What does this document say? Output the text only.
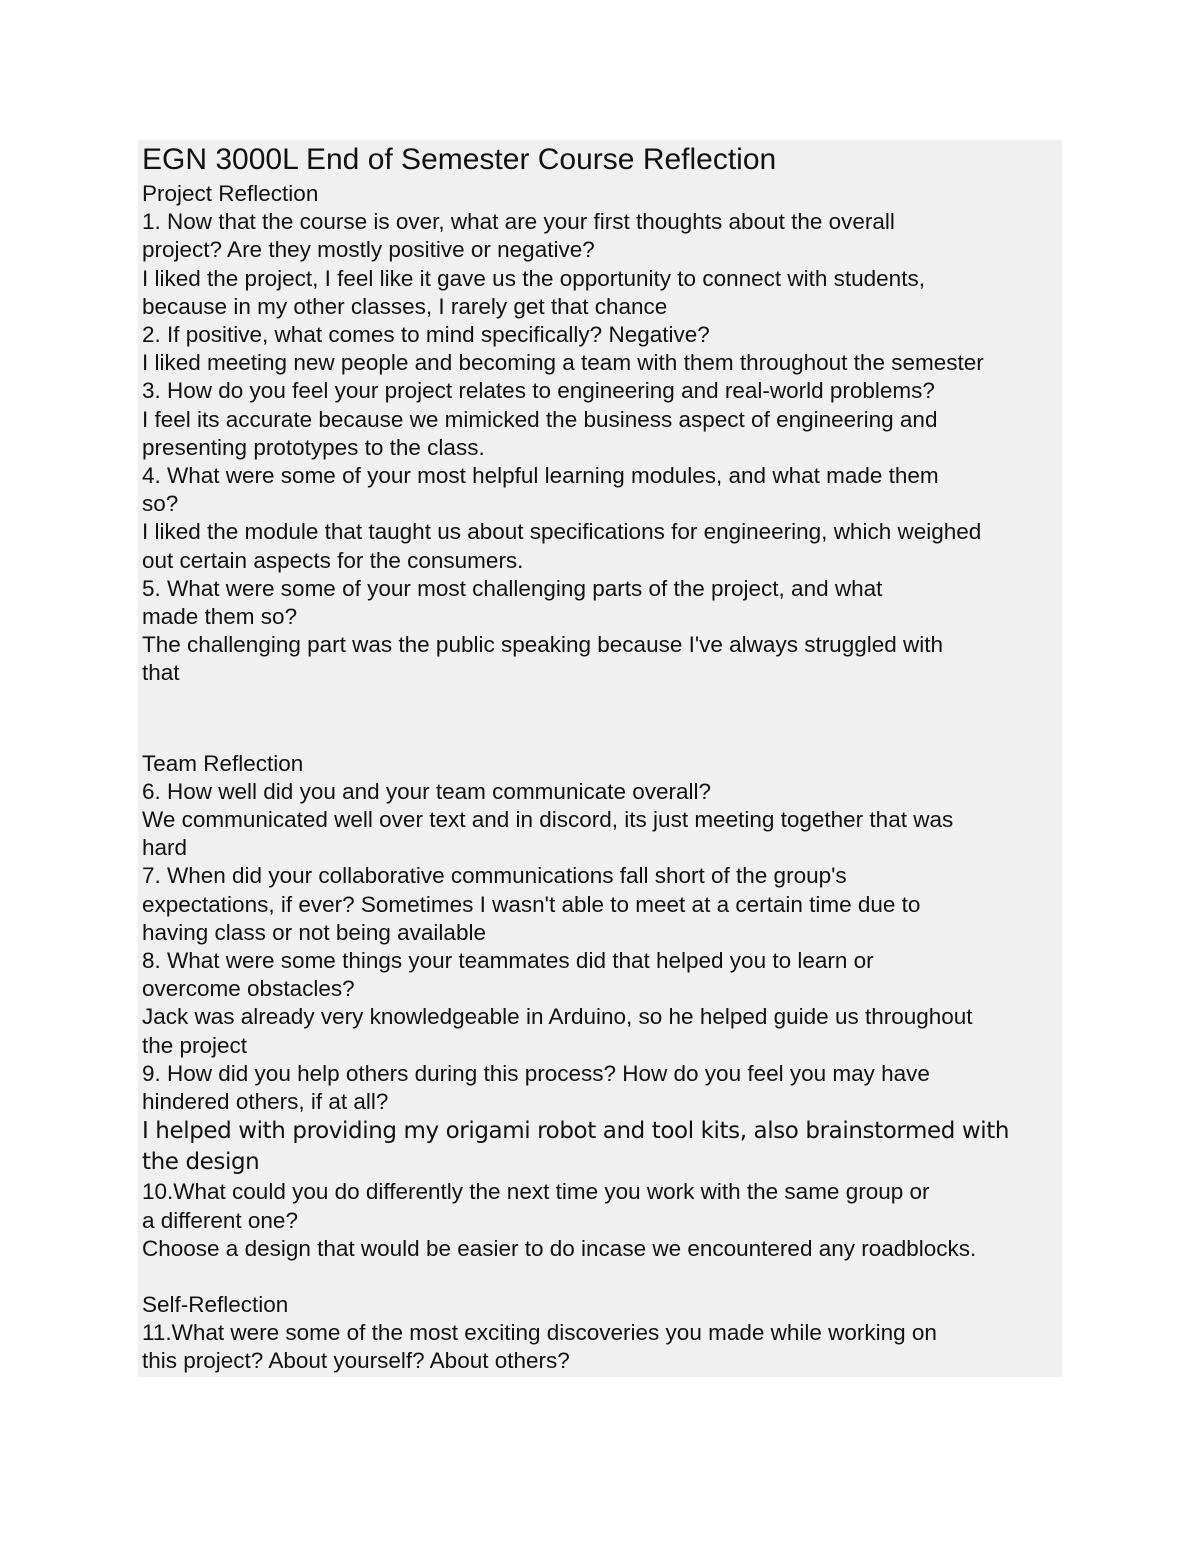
EGN 3000L End of Semester Course Reflection

Project Reflection

1. Now that the course is over, what are your first thoughts about the overall

project? Are they mostly positive or negative?

I liked the project, I feel like it gave us the opportunity to connect with students,

because in my other classes, I rarely get that chance

2. If positive, what comes to mind specifically? Negative?

I liked meeting new people and becoming a team with them throughout the semester

3. How do you feel your project relates to engineering and real-world problems?

I feel its accurate because we mimicked the business aspect of engineering and

presenting prototypes to the class.

4. What were some of your most helpful learning modules, and what made them

so?

I liked the module that taught us about specifications for engineering, which weighed

out certain aspects for the consumers.

5. What were some of your most challenging parts of the project, and what

made them so?

The challenging part was the public speaking because I've always struggled with

that

Team Reflection

6. How well did you and your team communicate overall?

We communicated well over text and in discord, its just meeting together that was

hard

7. When did your collaborative communications fall short of the group's

expectations, if ever? Sometimes I wasn't able to meet at a certain time due to

having class or not being available

8. What were some things your teammates did that helped you to learn or

overcome obstacles?

Jack was already very knowledgeable in Arduino, so he helped guide us throughout

the project

9. How did you help others during this process? How do you feel you may have

hindered others, if at all?

I helped with providing my origami robot and tool kits, also brainstormed with

the design

10.What could you do differently the next time you work with the same group or

a different one?

Choose a design that would be easier to do incase we encountered any roadblocks.

Self-Reflection

11.What were some of the most exciting discoveries you made while working on

this project? About yourself? About others?
